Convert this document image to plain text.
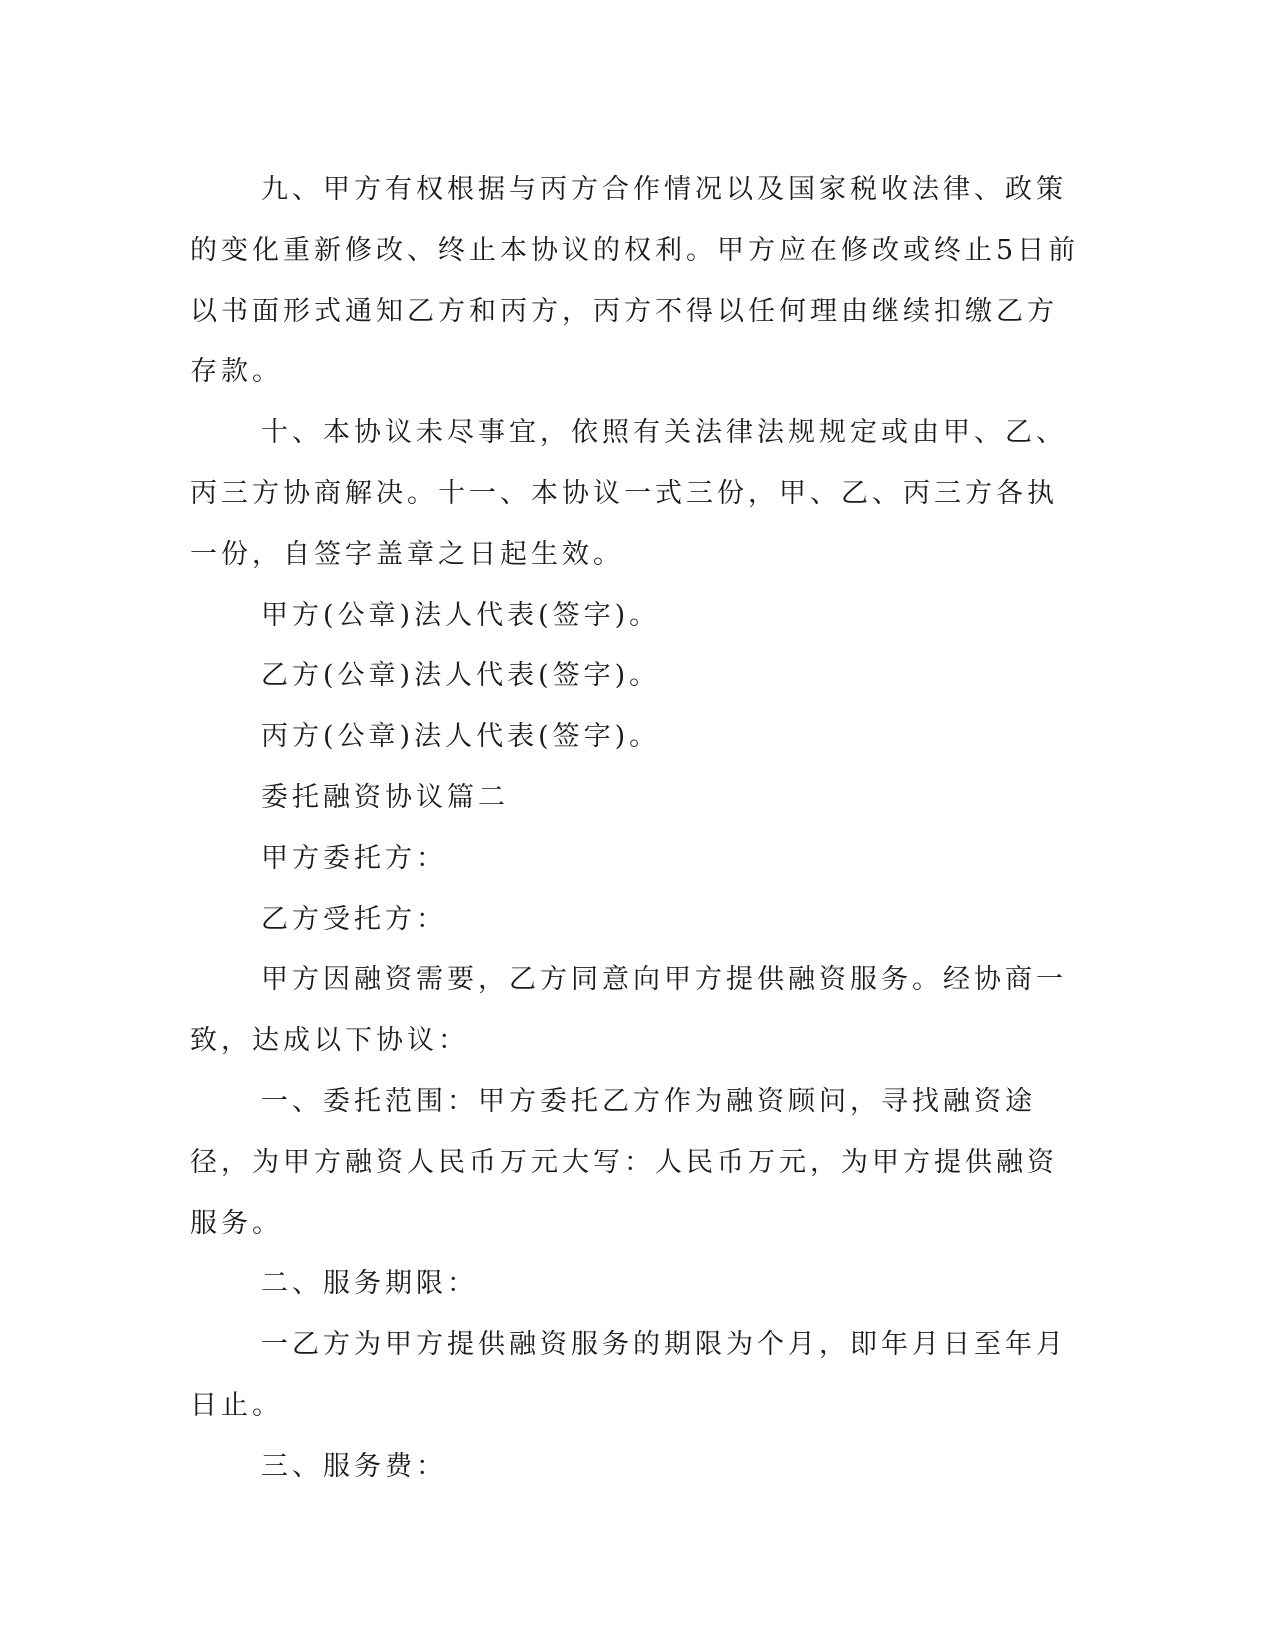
九、甲方有权根据与丙方合作情况以及国家税收法律、政策的变化重新修改、终止本协议的权利。甲方应在修改或终止5日前以书面形式通知乙方和丙方，丙方不得以任何理由继续扣缴乙方存款。

十、本协议未尽事宜，依照有关法律法规规定或由甲、乙、丙三方协商解决。十一、本协议一式三份，甲、乙、丙三方各执一份，自签字盖章之日起生效。

甲方(公章)法人代表(签字)。

乙方(公章)法人代表(签字)。

丙方(公章)法人代表(签字)。

委托融资协议篇二

甲方委托方：

乙方受托方：

甲方因融资需要，乙方同意向甲方提供融资服务。经协商一致，达成以下协议：

一、委托范围：甲方委托乙方作为融资顾问，寻找融资途径，为甲方融资人民币万元大写：人民币万元，为甲方提供融资服务。

二、服务期限：

一乙方为甲方提供融资服务的期限为个月，即年月日至年月日止。

三、服务费：
